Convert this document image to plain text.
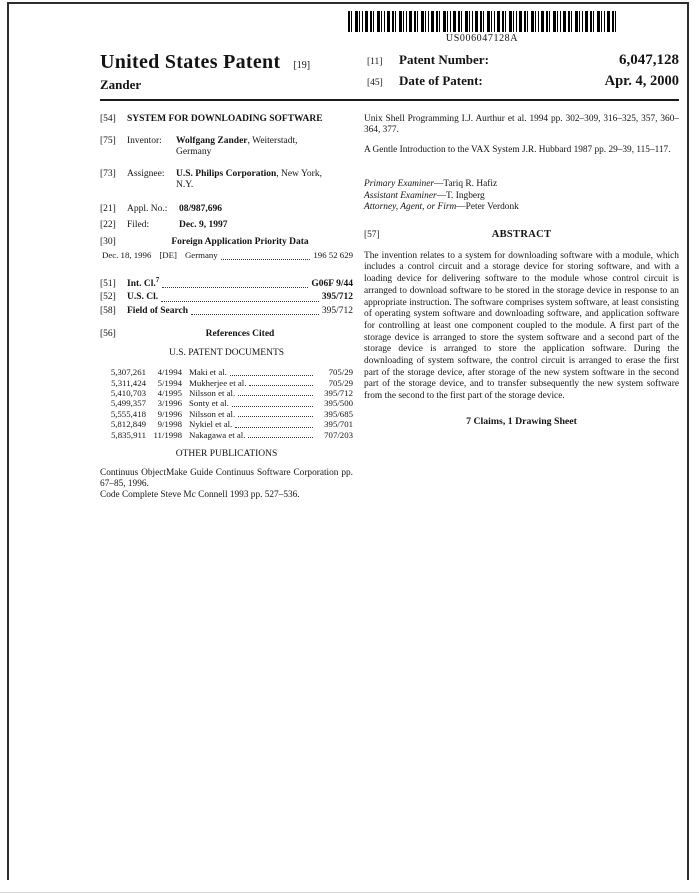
US006047128A
United States Patent [19]
Zander
[11]	Patent Number:	6,047,128
[45]	Date of Patent:	Apr. 4, 2000
[54]	SYSTEM FOR DOWNLOADING SOFTWARE
[75]	Inventor:	Wolfgang Zander, Weiterstadt, Germany
[73]	Assignee:	U.S. Philips Corporation, New York, N.Y.
[21]	Appl. No.:	08/987,696
[22]	Filed:	Dec. 9, 1997
[30]	Foreign Application Priority Data
Dec. 18, 1996 [DE] Germany	196 52 629
[51]	Int. Cl.$^7$	G06F 9/44
[52]	U.S. Cl.	395/712
[58]	Field of Search	395/712
[56]	References Cited
U.S. PATENT DOCUMENTS
5,307,261	4/1994 Maki et al.	705/29
5,311,424	5/1994 Mukherjee et al.	705/29
5,410,703	4/1995 Nilsson et al.	395/712
5,499,357	3/1996 Sonty et al.	395/500
5,555,418	9/1996 Nilsson et al.	395/685
5,812,849	9/1998 Nykiel et al.	395/701
5,835,911 11/1998 Nakagawa et al.	707/203
OTHER PUBLICATIONS
Continuus ObjectMake Guide Continuus Software Corporation pp. 67–85, 1996.
Code Complete Steve Mc Connell 1993 pp. 527–536.
Unix Shell Programming I.J. Aurthur et al. 1994 pp. 302–309, 316–325, 357, 360–364, 377.
A Gentle Introduction to the VAX System J.R. Hubbard 1987 pp. 29–39, 115–117.
Primary Examiner—Tariq R. Hafiz
Assistant Examiner—T. Ingberg
Attorney, Agent, or Firm—Peter Verdonk
[57]	ABSTRACT
The invention relates to a system for downloading software with a module, which includes a control circuit and a storage device for storing software, and with a loading device for delivering software to the module whose control circuit is arranged to download software to be stored in the storage device in response to an appropriate instruction. The software comprises system software, at least consisting of operating system software and downloading software, and application software for controlling at least one component coupled to the module. A first part of the storage device is arranged to store the system software and a second part of the storage device is arranged to store the application software. During the downloading of system software, the control circuit is arranged to erase the first part of the storage device, after storage of the new system software in the second part of the storage device, and to transfer subsequently the new system software from the second to the first part of the storage device.
7 Claims, 1 Drawing Sheet
